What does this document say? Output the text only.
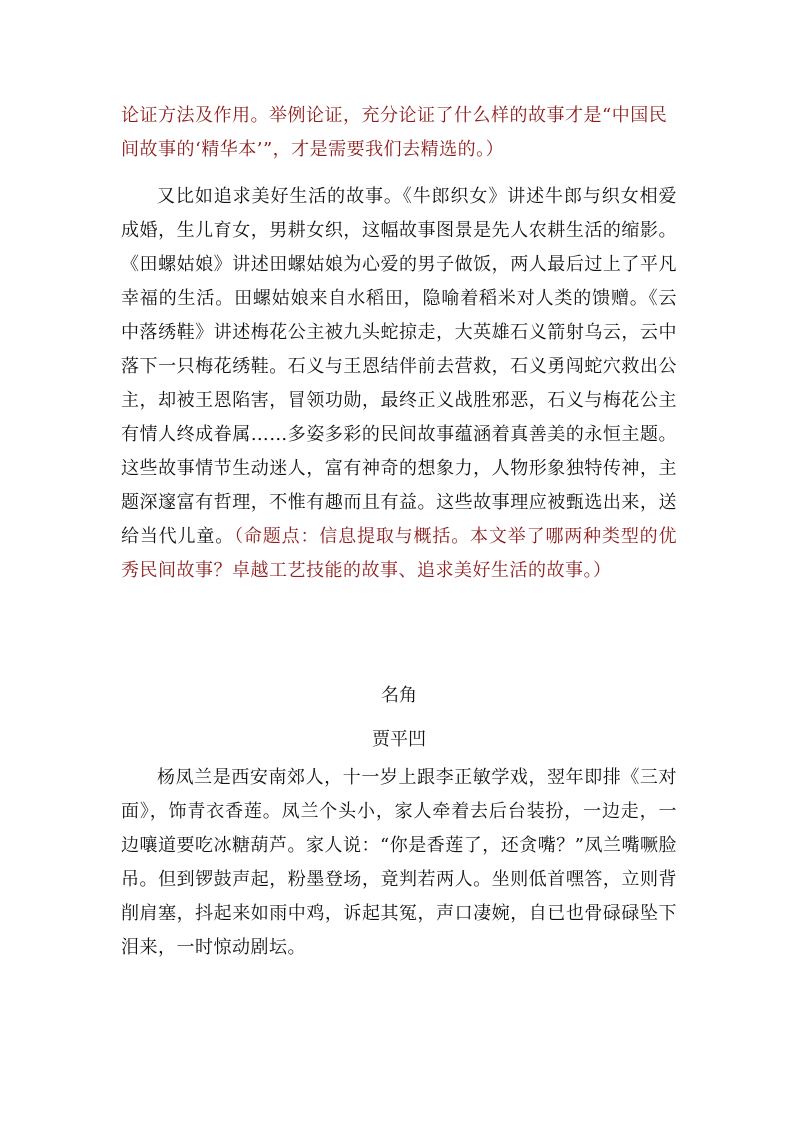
论证方法及作用。举例论证，充分论证了什么样的故事才是“中国民
间故事的‘精华本’”，才是需要我们去精选的。）
又比如追求美好生活的故事。《牛郎织女》讲述牛郎与织女相爱成婚，生儿育女，男耕女织，这幅故事图景是先人农耕生活的缩影。《田螺姑娘》讲述田螺姑娘为心爱的男子做饭，两人最后过上了平凡幸福的生活。田螺姑娘来自水稻田，隐喻着稻米对人类的馈赠。《云中落绣鞋》讲述梅花公主被九头蛇掠走，大英雄石义箭射乌云，云中落下一只梅花绣鞋。石义与王恩结伴前去营救，石义勇闯蛇穴救出公主，却被王恩陷害，冒领功勋，最终正义战胜邪恶，石义与梅花公主有情人终成眷属……多姿多彩的民间故事蕴涵着真善美的永恒主题。这些故事情节生动迷人，富有神奇的想象力，人物形象独特传神，主题深邃富有哲理，不惟有趣而且有益。这些故事理应被甄选出来，送给当代儿童。（命题点：信息提取与概括。本文举了哪两种类型的优秀民间故事？卓越工艺技能的故事、追求美好生活的故事。）
名角
贾平凹
杨凤兰是西安南郊人，十一岁上跟李正敏学戏，翌年即排《三对面》，饰青衣香莲。凤兰个头小，家人牵着去后台装扮，一边走，一边嚷道要吃冰糖葫芦。家人说：“你是香莲了，还贪嘴？”凤兰嘴噘脸吊。但到锣鼓声起，粉墨登场，竟判若两人。坐则低首嘿答，立则背削肩塞，抖起来如雨中鸡，诉起其冤，声口凄婉，自已也骨碌碌坠下泪来，一时惊动剧坛。
